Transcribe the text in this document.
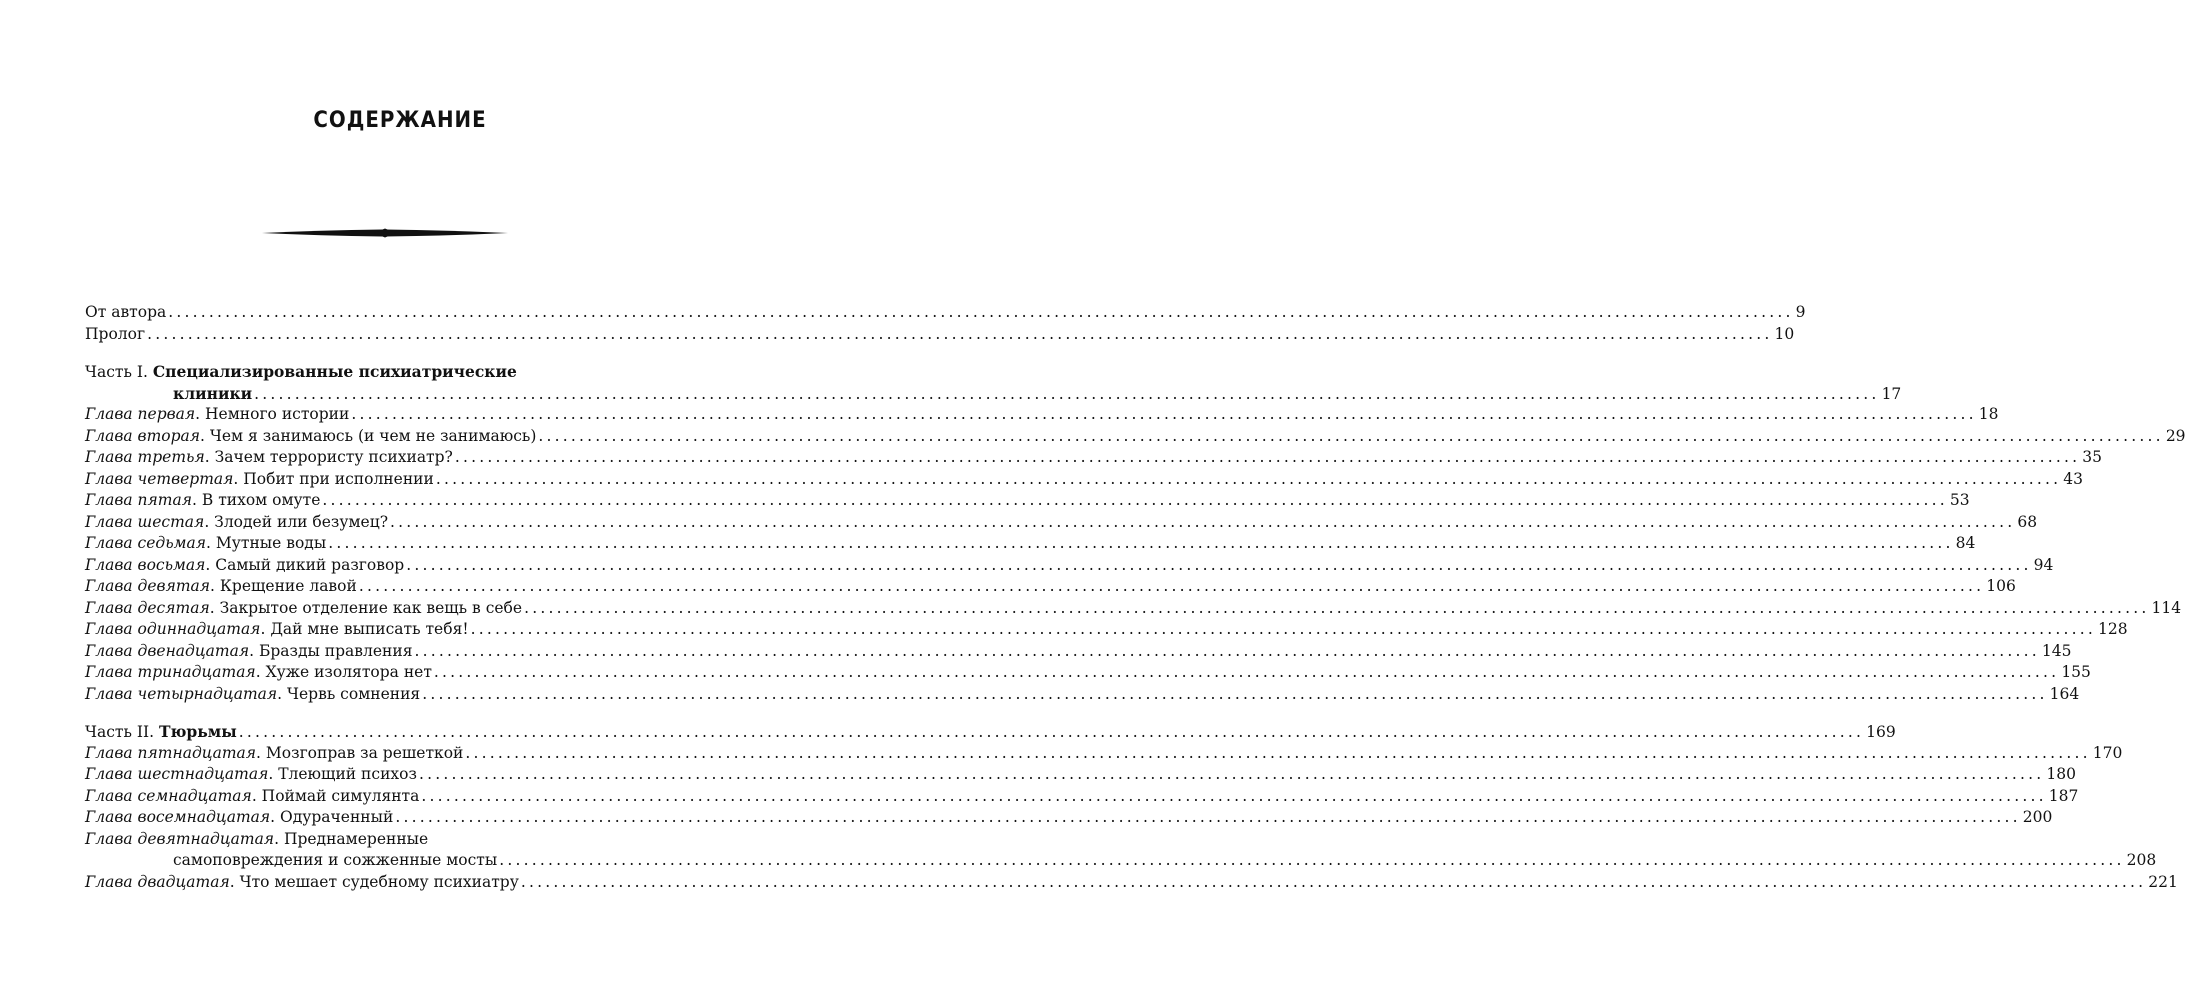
СОДЕРЖАНИЕ
От автора ........................................................................................................................................................................................................ 9
Пролог ........................................................................................................................................................................................................ 10
Часть I. Специализированные психиатрические
клиники ........................................................................................................................................................................................................ 17
Глава первая. Немного истории ........................................................................................................................................................................................................ 18
Глава вторая. Чем я занимаюсь (и чем не занимаюсь) ........................................................................................................................................................................................................ 29
Глава третья. Зачем террористу психиатр? ........................................................................................................................................................................................................ 35
Глава четвертая. Побит при исполнении ........................................................................................................................................................................................................ 43
Глава пятая. В тихом омуте ........................................................................................................................................................................................................ 53
Глава шестая. Злодей или безумец? ........................................................................................................................................................................................................ 68
Глава седьмая. Мутные воды ........................................................................................................................................................................................................ 84
Глава восьмая. Самый дикий разговор ........................................................................................................................................................................................................ 94
Глава девятая. Крещение лавой ........................................................................................................................................................................................................ 106
Глава десятая. Закрытое отделение как вещь в себе ........................................................................................................................................................................................................ 114
Глава одиннадцатая. Дай мне выписать тебя! ........................................................................................................................................................................................................ 128
Глава двенадцатая. Бразды правления ........................................................................................................................................................................................................ 145
Глава тринадцатая. Хуже изолятора нет ........................................................................................................................................................................................................ 155
Глава четырнадцатая. Червь сомнения ........................................................................................................................................................................................................ 164
Часть II. Тюрьмы ........................................................................................................................................................................................................ 169
Глава пятнадцатая. Мозгоправ за решеткой ........................................................................................................................................................................................................ 170
Глава шестнадцатая. Тлеющий психоз ........................................................................................................................................................................................................ 180
Глава семнадцатая. Поймай симулянта ........................................................................................................................................................................................................ 187
Глава восемнадцатая. Одураченный ........................................................................................................................................................................................................ 200
Глава девятнадцатая. Преднамеренные
самоповреждения и сожженные мосты ........................................................................................................................................................................................................ 208
Глава двадцатая. Что мешает судебному психиатру ........................................................................................................................................................................................................ 221
